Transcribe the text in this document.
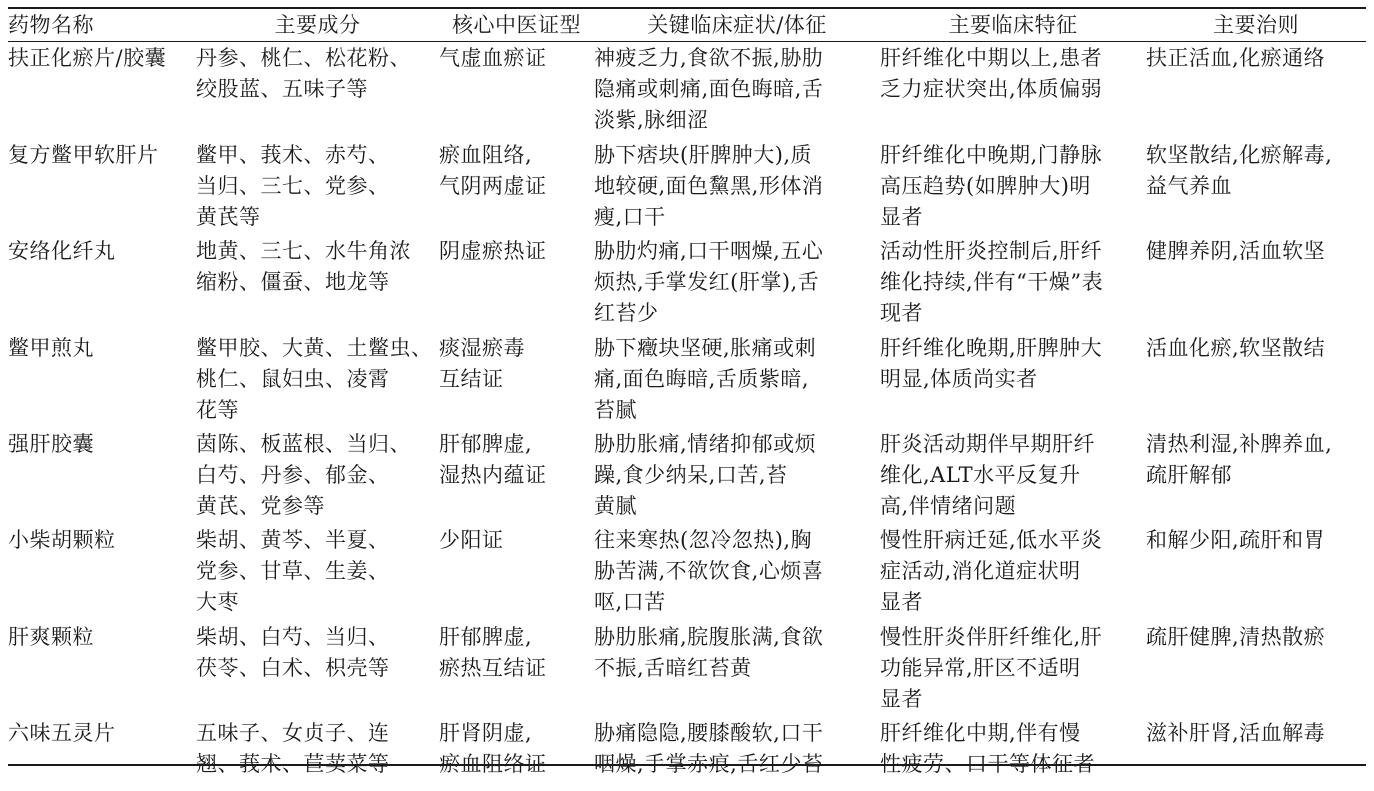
药物名称	主要成分	核心中医证型	关键临床症状/体征	主要临床特征	主要治则
扶正化瘀片/胶囊	丹参、桃仁、松花粉、
绞股蓝、五味子等	气虚血瘀证	神疲乏力,食欲不振,胁肋
隐痛或刺痛,面色晦暗,舌
淡紫,脉细涩	肝纤维化中期以上,患者
乏力症状突出,体质偏弱	扶正活血,化瘀通络

复方鳖甲软肝片	鳖甲、莪术、赤芍、
当归、三七、党参、
黄芪等	瘀血阻络,
气阴两虚证	胁下痞块(肝脾肿大),质
地较硬,面色黧黑,形体消
瘦,口干	肝纤维化中晚期,门静脉
高压趋势(如脾肿大)明
显者	软坚散结,化瘀解毒,
益气养血

安络化纤丸	地黄、三七、水牛角浓
缩粉、僵蚕、地龙等	阴虚瘀热证	胁肋灼痛,口干咽燥,五心
烦热,手掌发红(肝掌),舌
红苔少	活动性肝炎控制后,肝纤
维化持续,伴有“干燥”表
现者	健脾养阴,活血软坚

鳖甲煎丸	鳖甲胶、大黄、土鳖虫、
桃仁、鼠妇虫、凌霄
花等	痰湿瘀毒
互结证	胁下癥块坚硬,胀痛或刺
痛,面色晦暗,舌质紫暗,
苔腻	肝纤维化晚期,肝脾肿大
明显,体质尚实者	活血化瘀,软坚散结

强肝胶囊	茵陈、板蓝根、当归、
白芍、丹参、郁金、
黄芪、党参等	肝郁脾虚,
湿热内蕴证	胁肋胀痛,情绪抑郁或烦
躁,食少纳呆,口苦,苔
黄腻	肝炎活动期伴早期肝纤
维化,ALT水平反复升
高,伴情绪问题	清热利湿,补脾养血,
疏肝解郁

小柴胡颗粒	柴胡、黄芩、半夏、
党参、甘草、生姜、
大枣	少阳证	往来寒热(忽冷忽热),胸
胁苦满,不欲饮食,心烦喜
呕,口苦	慢性肝病迁延,低水平炎
症活动,消化道症状明
显者	和解少阳,疏肝和胃

肝爽颗粒	柴胡、白芍、当归、
茯苓、白术、枳壳等	肝郁脾虚,
瘀热互结证	胁肋胀痛,脘腹胀满,食欲
不振,舌暗红苔黄	慢性肝炎伴肝纤维化,肝
功能异常,肝区不适明
显者	疏肝健脾,清热散瘀

六味五灵片	五味子、女贞子、连
翘、莪术、苣荬菜等	肝肾阴虚,
瘀血阻络证	胁痛隐隐,腰膝酸软,口干
咽燥,手掌赤痕,舌红少苔	肝纤维化中期,伴有慢
性疲劳、口干等体征者	滋补肝肾,活血解毒
